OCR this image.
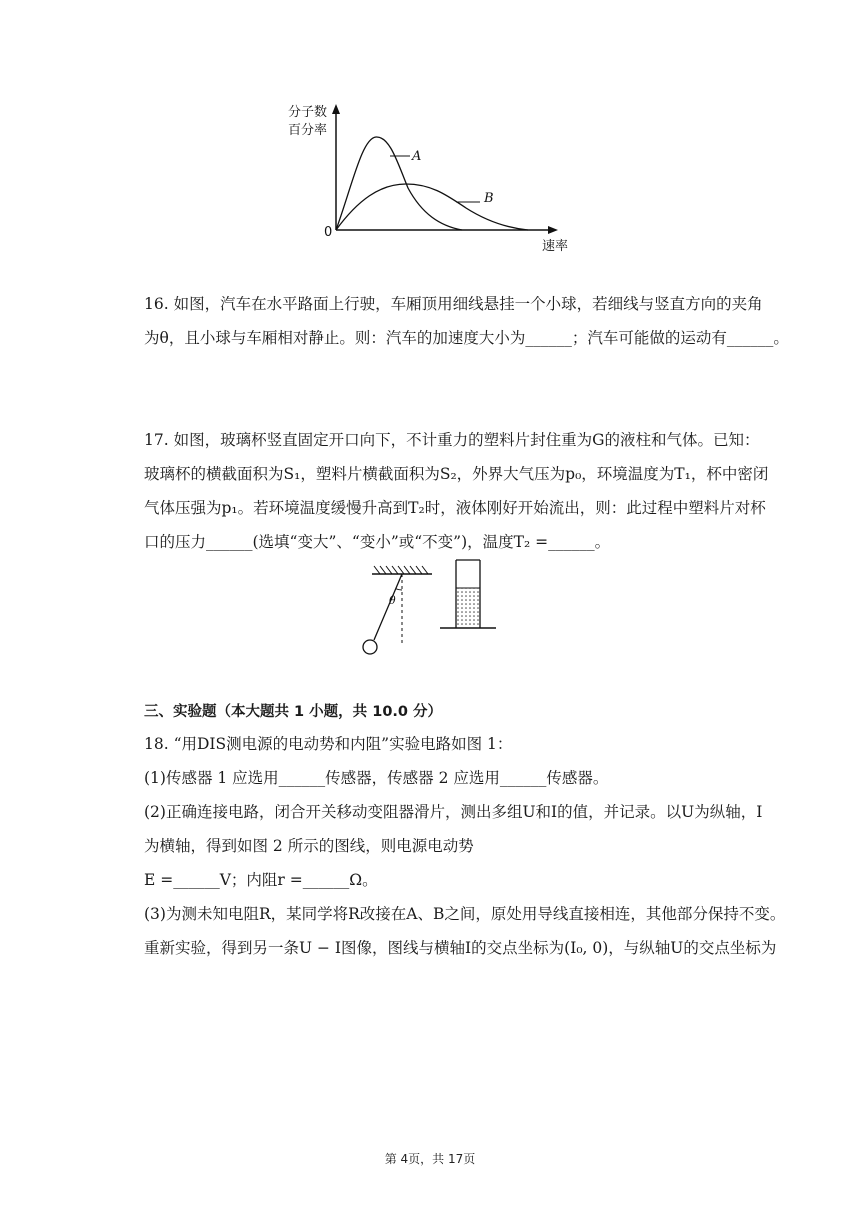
分子数
百分率
0
速率
A
B
16. 如图，汽车在水平路面上行驶，车厢顶用细线悬挂一个小球，若细线与竖直方向的夹角
为θ，且小球与车厢相对静止。则：汽车的加速度大小为______；汽车可能做的运动有______。
17. 如图，玻璃杯竖直固定开口向下，不计重力的塑料片封住重为G的液柱和气体。已知：
玻璃杯的横截面积为S₁，塑料片横截面积为S₂，外界大气压为p₀，环境温度为T₁，杯中密闭
气体压强为p₁。若环境温度缓慢升高到T₂时，液体刚好开始流出，则：此过程中塑料片对杯
口的压力______(选填“变大”、“变小”或“不变”)，温度T₂ =______。
θ
三、实验题（本大题共 1 小题，共 10.0 分）
18. “用DIS测电源的电动势和内阻”实验电路如图 1：
(1)传感器 1 应选用______传感器，传感器 2 应选用______传感器。
(2)正确连接电路，闭合开关移动变阻器滑片，测出多组U和I的值，并记录。以U为纵轴，I
为横轴，得到如图 2 所示的图线，则电源电动势
E =______V；内阻r =______Ω。
(3)为测未知电阻R，某同学将R改接在A、B之间，原处用导线直接相连，其他部分保持不变。
重新实验，得到另一条U − I图像，图线与横轴I的交点坐标为(I₀, 0)，与纵轴U的交点坐标为
第 4页，共 17页
